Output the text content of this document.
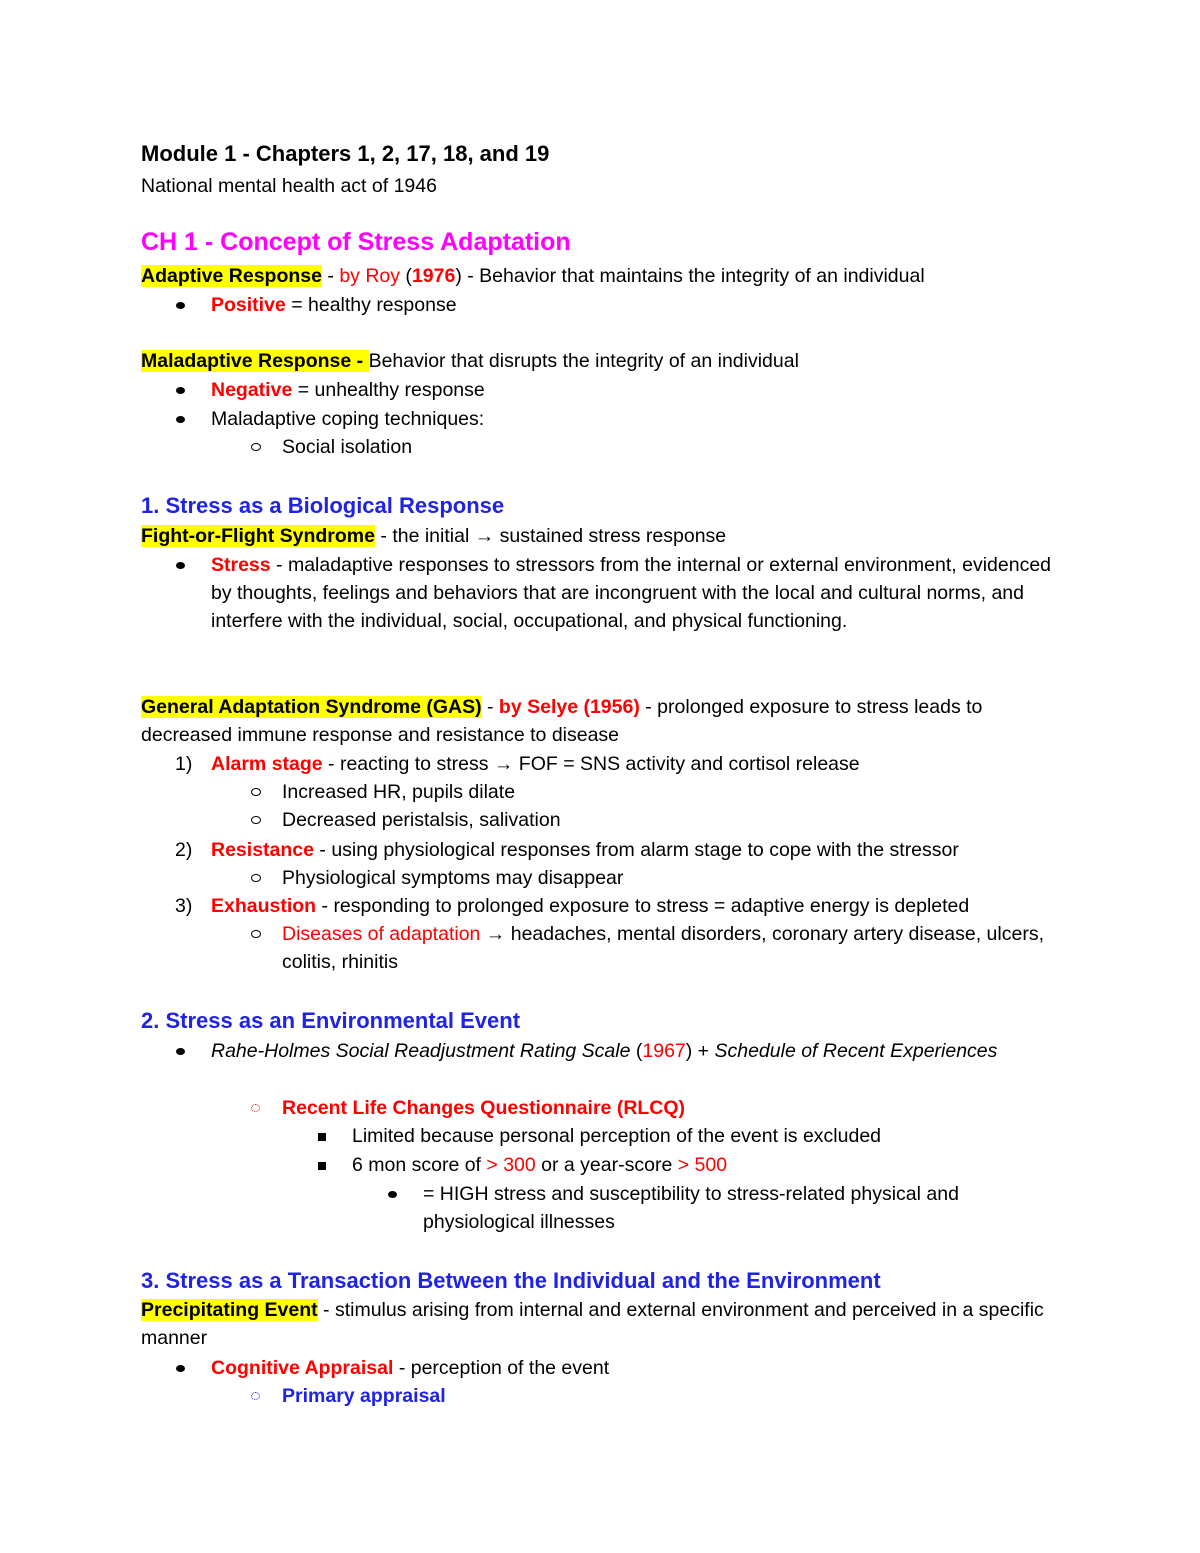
Module 1 - Chapters 1, 2, 17, 18, and 19
National mental health act of 1946
CH 1 - Concept of Stress Adaptation
Adaptive Response - by Roy (1976) - Behavior that maintains the integrity of an individual
Positive = healthy response
Maladaptive Response - Behavior that disrupts the integrity of an individual
Negative = unhealthy response
Maladaptive coping techniques:
Social isolation
1. Stress as a Biological Response
Fight-or-Flight Syndrome - the initial → sustained stress response
Stress - maladaptive responses to stressors from the internal or external environment, evidenced by thoughts, feelings and behaviors that are incongruent with the local and cultural norms, and interfere with the individual, social, occupational, and physical functioning.
General Adaptation Syndrome (GAS) - by Selye (1956) - prolonged exposure to stress leads to decreased immune response and resistance to disease
1) Alarm stage - reacting to stress → FOF = SNS activity and cortisol release
Increased HR, pupils dilate
Decreased peristalsis, salivation
2) Resistance - using physiological responses from alarm stage to cope with the stressor
Physiological symptoms may disappear
3) Exhaustion - responding to prolonged exposure to stress = adaptive energy is depleted
Diseases of adaptation → headaches, mental disorders, coronary artery disease, ulcers, colitis, rhinitis
2. Stress as an Environmental Event
Rahe-Holmes Social Readjustment Rating Scale (1967) + Schedule of Recent Experiences
Recent Life Changes Questionnaire (RLCQ)
Limited because personal perception of the event is excluded
6 mon score of > 300 or a year-score > 500
= HIGH stress and susceptibility to stress-related physical and physiological illnesses
3. Stress as a Transaction Between the Individual and the Environment
Precipitating Event - stimulus arising from internal and external environment and perceived in a specific manner
Cognitive Appraisal - perception of the event
Primary appraisal
